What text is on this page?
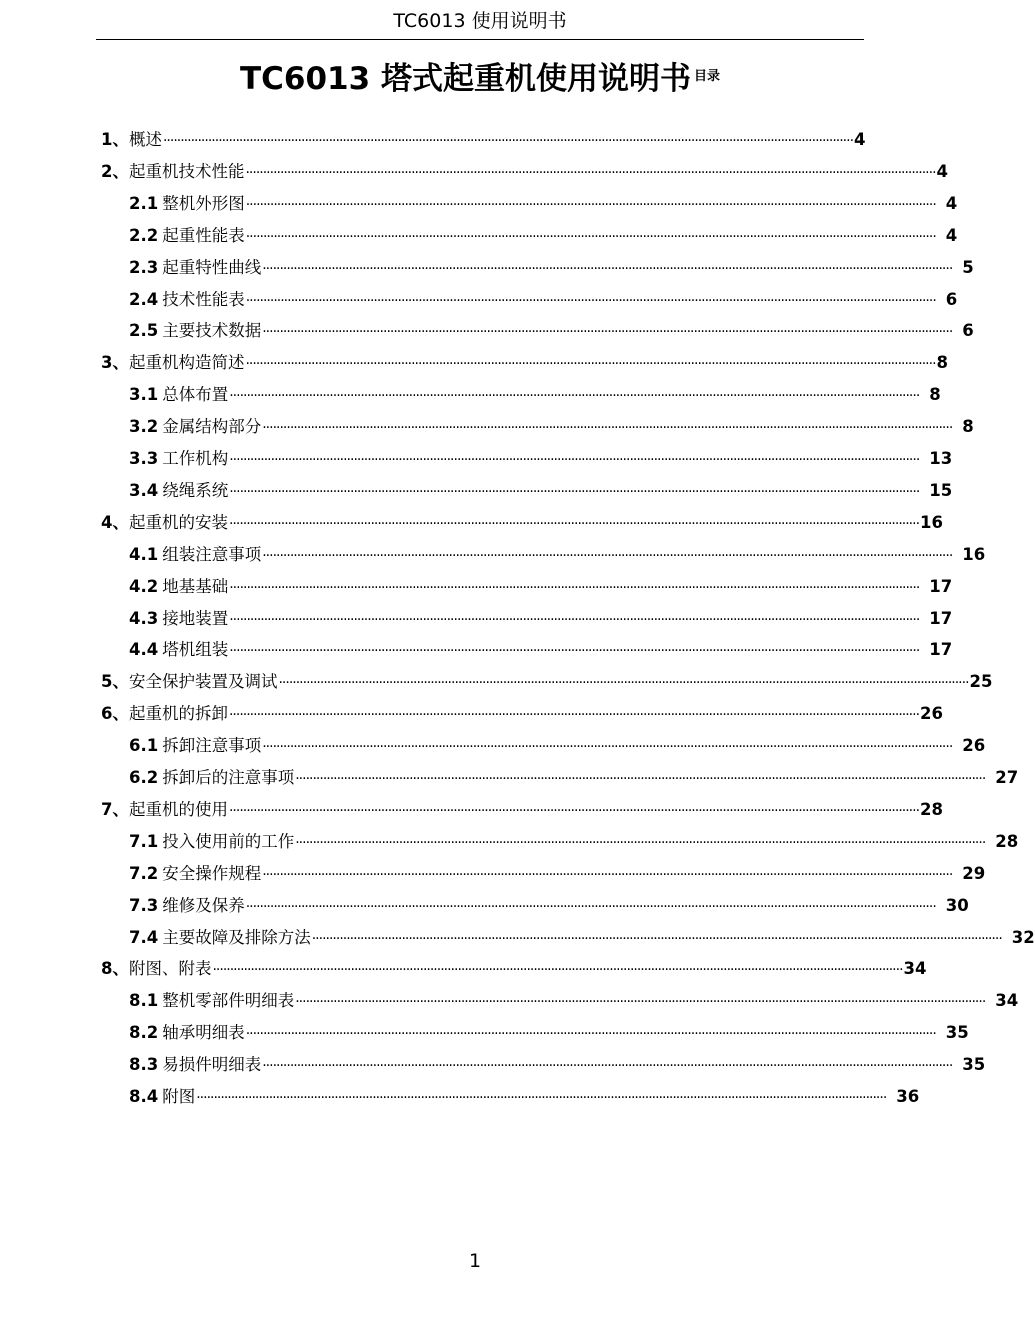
TC6013 使用说明书
TC6013 塔式起重机使用说明书 $^{目录}$
1、 概述 ········································································································································································································ 4
2、 起重机技术性能 ········································································································································································································ 4
2.1 整机外形图 ········································································································································································································ 4
2.2 起重性能表 ········································································································································································································ 4
2.3 起重特性曲线 ········································································································································································································ 5
2.4 技术性能表 ········································································································································································································ 6
2.5 主要技术数据 ········································································································································································································ 6
3、 起重机构造简述 ········································································································································································································ 8
3.1 总体布置 ········································································································································································································ 8
3.2 金属结构部分 ········································································································································································································ 8
3.3 工作机构 ········································································································································································································ 13
3.4 绕绳系统 ········································································································································································································ 15
4、 起重机的安装 ········································································································································································································ 16
4.1 组装注意事项 ········································································································································································································ 16
4.2 地基基础 ········································································································································································································ 17
4.3 接地装置 ········································································································································································································ 17
4.4 塔机组装 ········································································································································································································ 17
5、 安全保护装置及调试 ········································································································································································································ 25
6、 起重机的拆卸 ········································································································································································································ 26
6.1 拆卸注意事项 ········································································································································································································ 26
6.2 拆卸后的注意事项 ········································································································································································································ 27
7、 起重机的使用 ········································································································································································································ 28
7.1 投入使用前的工作 ········································································································································································································ 28
7.2 安全操作规程 ········································································································································································································ 29
7.3 维修及保养 ········································································································································································································ 30
7.4 主要故障及排除方法 ········································································································································································································ 32
8、 附图、附表 ········································································································································································································ 34
8.1 整机零部件明细表 ········································································································································································································ 34
8.2 轴承明细表 ········································································································································································································ 35
8.3 易损件明细表 ········································································································································································································ 35
8.4 附图 ········································································································································································································ 36
1
